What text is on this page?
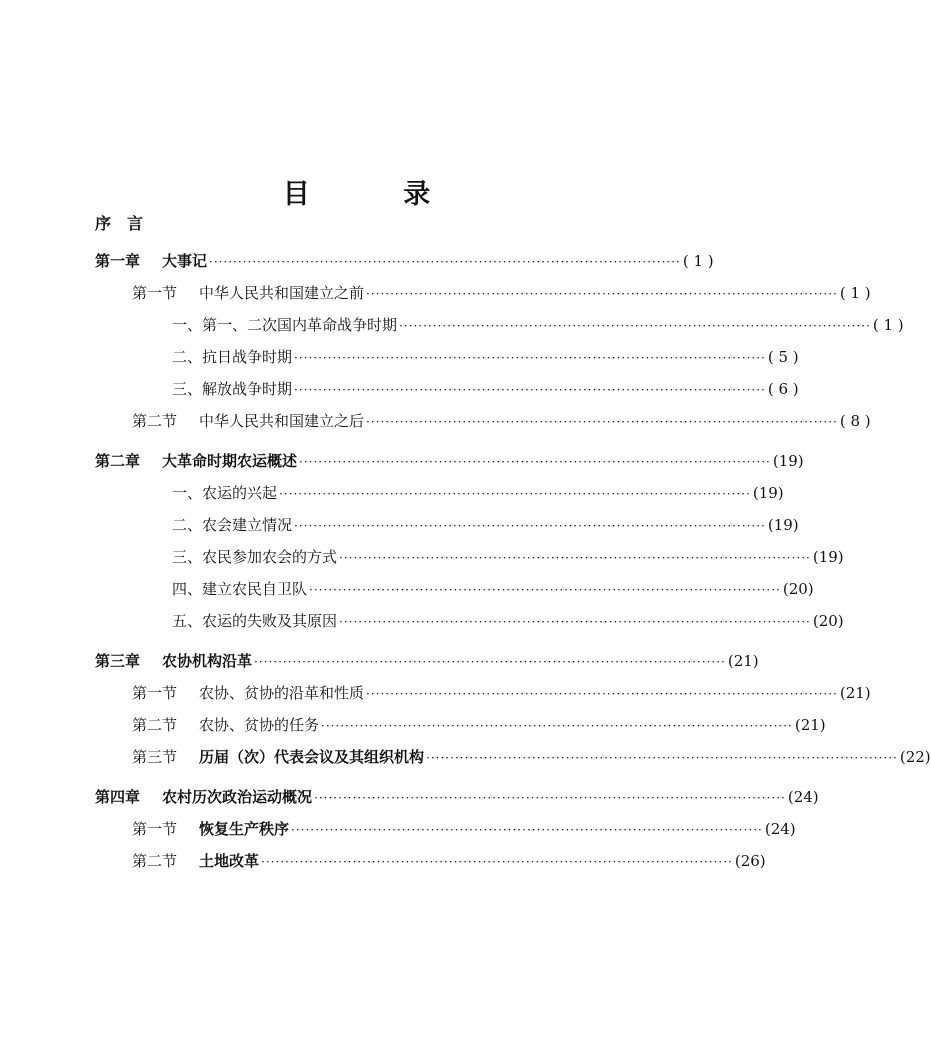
目 录
序言
第一章 大事记 ·································································································· ( 1 )
第一节 中华人民共和国建立之前 ·································································································· ( 1 )
一、第一、二次国内革命战争时期 ·································································································· ( 1 )
二、抗日战争时期 ·································································································· ( 5 )
三、解放战争时期 ·································································································· ( 6 )
第二节 中华人民共和国建立之后 ·································································································· ( 8 )
第二章 大革命时期农运概述 ·································································································· (19)
一、农运的兴起 ·································································································· (19)
二、农会建立情况 ·································································································· (19)
三、农民参加农会的方式 ·································································································· (19)
四、建立农民自卫队 ·································································································· (20)
五、农运的失败及其原因 ·································································································· (20)
第三章 农协机构沿革 ·································································································· (21)
第一节 农协、贫协的沿革和性质 ·································································································· (21)
第二节 农协、贫协的任务 ·································································································· (21)
第三节 历届（次）代表会议及其组织机构 ·································································································· (22)
第四章 农村历次政治运动概况 ·································································································· (24)
第一节 恢复生产秩序 ·································································································· (24)
第二节 土地改革 ·································································································· (26)
